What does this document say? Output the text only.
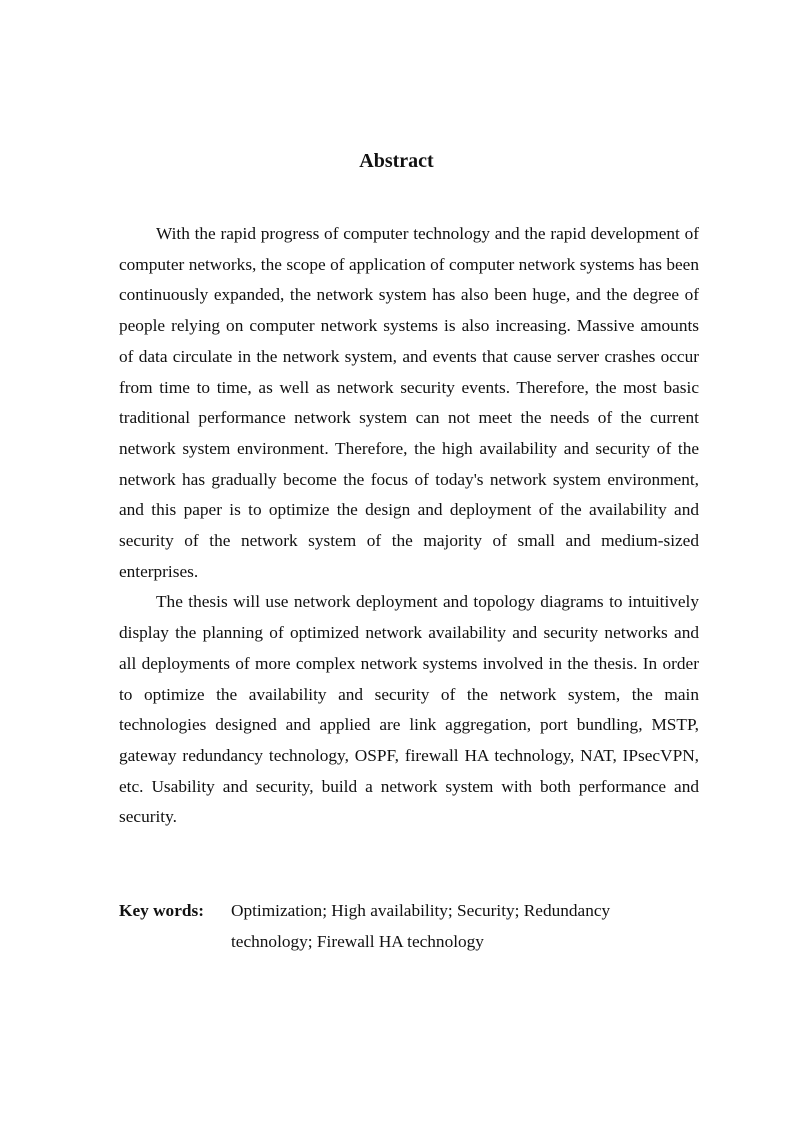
Abstract

With the rapid progress of computer technology and the rapid development of computer networks, the scope of application of computer network systems has been continuously expanded, the network system has also been huge, and the degree of people relying on computer network systems is also increasing. Massive amounts of data circulate in the network system, and events that cause server crashes occur from time to time, as well as network security events. Therefore, the most basic traditional performance network system can not meet the needs of the current network system environment. Therefore, the high availability and security of the network has gradually become the focus of today's network system environment, and this paper is to optimize the design and deployment of the availability and security of the network system of the majority of small and medium-sized enterprises.

The thesis will use network deployment and topology diagrams to intuitively display the planning of optimized network availability and security networks and all deployments of more complex network systems involved in the thesis. In order to optimize the availability and security of the network system, the main technologies designed and applied are link aggregation, port bundling, MSTP, gateway redundancy technology, OSPF, firewall HA technology, NAT, IPsecVPN, etc. Usability and security, build a network system with both performance and security.

Key words:	Optimization; High availability; Security; Redundancy technology; Firewall HA technology
